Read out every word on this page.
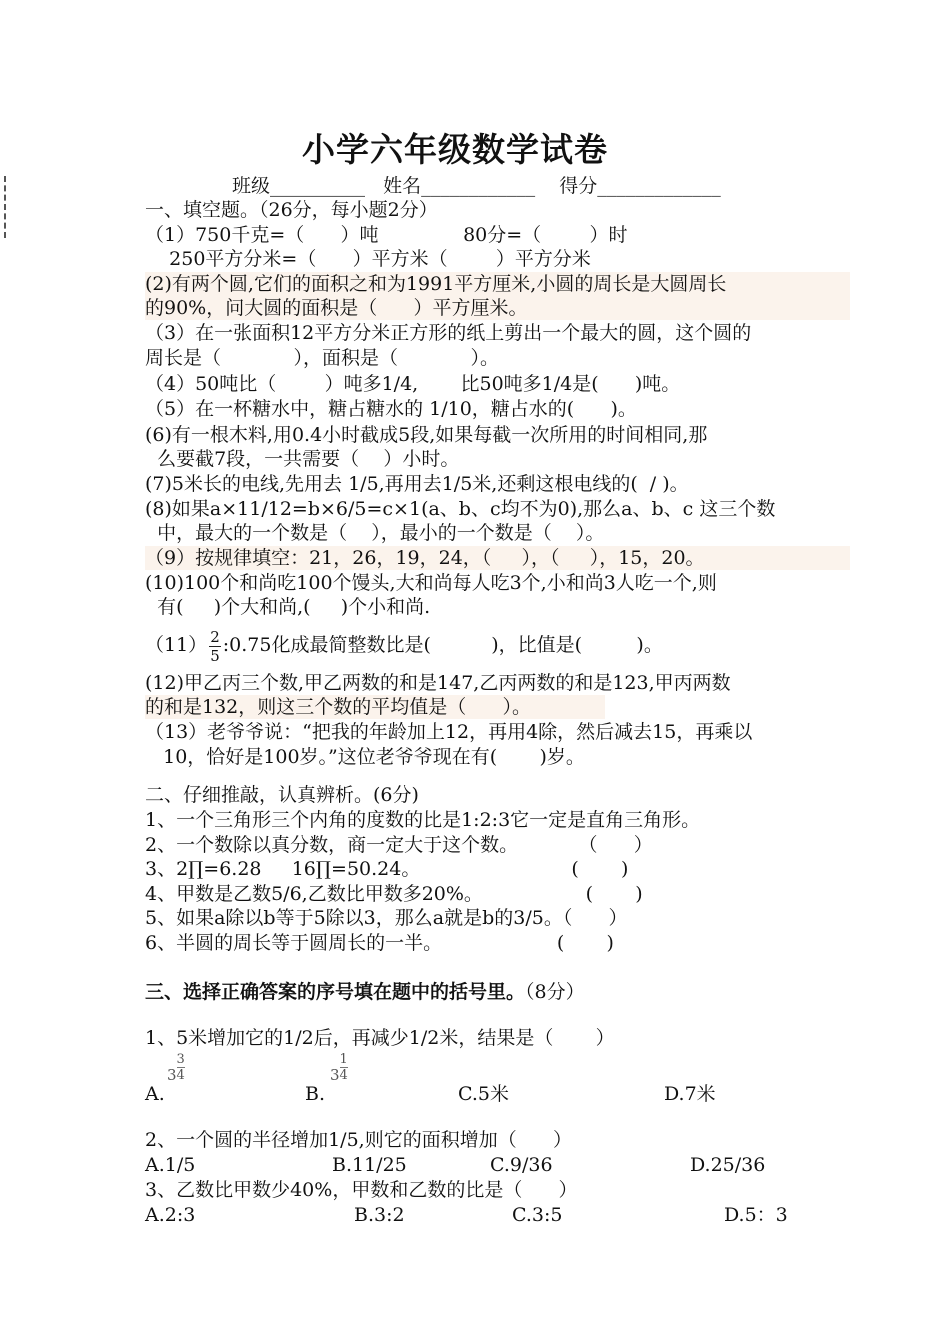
小学六年级数学试卷
班级__________   姓名____________    得分_____________
一、填空题。（26分，每小题2分）
（1）750千克=（      ）吨              80分=（        ）时
250平方分米=（      ）平方米（        ）平方分米
(2)有两个圆,它们的面积之和为1991平方厘米,小圆的周长是大圆周长
的90%，问大圆的面积是（      ）平方厘米。
（3）在一张面积12平方分米正方形的纸上剪出一个最大的圆，这个圆的
周长是（            ），面积是（            ）。
（4）50吨比（        ）吨多1/4,       比50吨多1/4是(      )吨。
（5）在一杯糖水中，糖占糖水的 1/10，糖占水的(      )。
(6)有一根木料,用0.4小时截成5段,如果每截一次所用的时间相同,那
么要截7段，一共需要（    ）小时。
(7)5米长的电线,先用去 1/5,再用去1/5米,还剩这根电线的(  / )。
(8)如果a×11/12=b×6/5=c×1(a、b、c均不为0),那么a、b、c 这三个数
中，最大的一个数是（    ），最小的一个数是（    ）。
（9）按规律填空：21，26，19，24，（     ），（     ），15，20。
(10)100个和尚吃100个馒头,大和尚每人吃3个,小和尚3人吃一个,则
有(     )个大和尚,(     )个小和尚.
$(11) \frac{2}{5}$ :0.75化成最简整数比是(          )，比值是(         )。
(12)甲乙丙三个数,甲乙两数的和是147,乙丙两数的和是123,甲丙两数
的和是132，则这三个数的平均值是（      ）。
（13）老爷爷说：“把我的年龄加上12，再用4除，然后减去15，再乘以
10，恰好是100岁。”这位老爷爷现在有(       )岁。
二、仔细推敲，认真辨析。(6分)
1、一个三角形三个内角的度数的比是1:2:3它一定是直角三角形。
2、一个数除以真分数，商一定大于这个数。          （      ）
3、2∏=6.28     16∏=50.24。                         (       )
4、甲数是乙数5/6,乙数比甲数多20%。                 (       )
5、如果a除以b等于5除以3，那么a就是b的3/5。（      ）
6、半圆的周长等于圆周长的一半。                   (       )
三、选择正确答案的序号填在题中的括号里。（8分）
1、5米增加它的1/2后，再减少1/2米，结果是（       ）
A.
$3 \frac{3}{4}$
B.
$3 \frac{1}{4}$
C.5米	D.7米
2、一个圆的半径增加1/5,则它的面积增加（      ）
A.1/5	B.11/25	C.9/36	D.25/36
3、乙数比甲数少40%，甲数和乙数的比是（      ）
A.2:3	B.3:2	C.3:5	D.5：3
